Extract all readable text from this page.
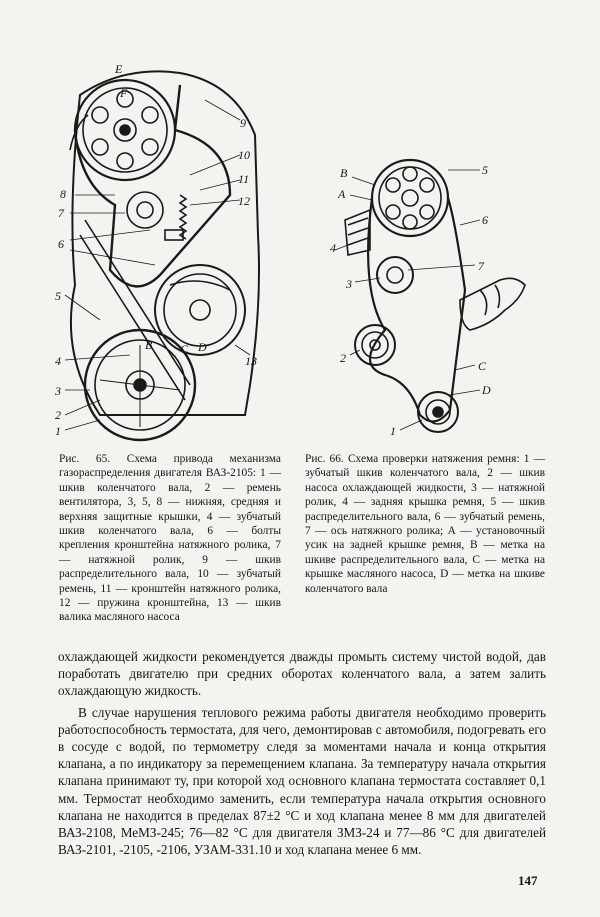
E
F
9
10
11
12
8
7
6
5
4
B C D
3
2
1
13
B
A
5
6
4
7
3
2
C
D
1
Рис. 65. Схема привода механизма газораспределения двигателя ВАЗ-2105: 1 — шкив коленчатого вала, 2 — ремень вентилятора, 3, 5, 8 — нижняя, средняя и верхняя защитные крышки, 4 — зубчатый шкив коленчатого вала, 6 — болты крепления кронштейна натяжного ролика, 7 — натяжной ролик, 9 — шкив распределительного вала, 10 — зубчатый ремень, 11 — кронштейн натяжного ролика, 12 — пружина кронштейна, 13 — шкив валика масляного насоса
Рис. 66. Схема проверки натяжения ремня: 1 — зубчатый шкив коленчатого вала, 2 — шкив насоса охлаждающей жидкости, 3 — натяжной ролик, 4 — задняя крышка ремня, 5 — шкив распределительного вала, 6 — зубчатый ремень, 7 — ось натяжного ролика; А — установочный усик на задней крышке ремня, В — метка на шкиве распределительного вала, С — метка на крышке масляного насоса, D — метка на шкиве коленчатого вала

охлаждающей жидкости рекомендуется дважды промыть систему чистой водой, дав поработать двигателю при средних оборотах коленчатого вала, а затем залить охлаждающую жидкость.

В случае нарушения теплового режима работы двигателя необходимо проверить работоспособность термостата, для чего, демонтировав с автомобиля, подогревать его в сосуде с водой, по термометру следя за моментами начала и конца открытия клапана, а по индикатору за перемещением клапана. За температуру начала открытия клапана принимают ту, при которой ход основного клапана термостата составляет 0,1 мм. Термостат необходимо заменить, если температура начала открытия основного клапана не находится в пределах 87±2 °С и ход клапана менее 8 мм для двигателей ВАЗ-2108, МеМЗ-245; 76—82 °С для двигателя ЗМЗ-24 и 77—86 °С для двигателей ВАЗ-2101, -2105, -2106, УЗАМ-331.10 и ход клапана менее 6 мм.

147
